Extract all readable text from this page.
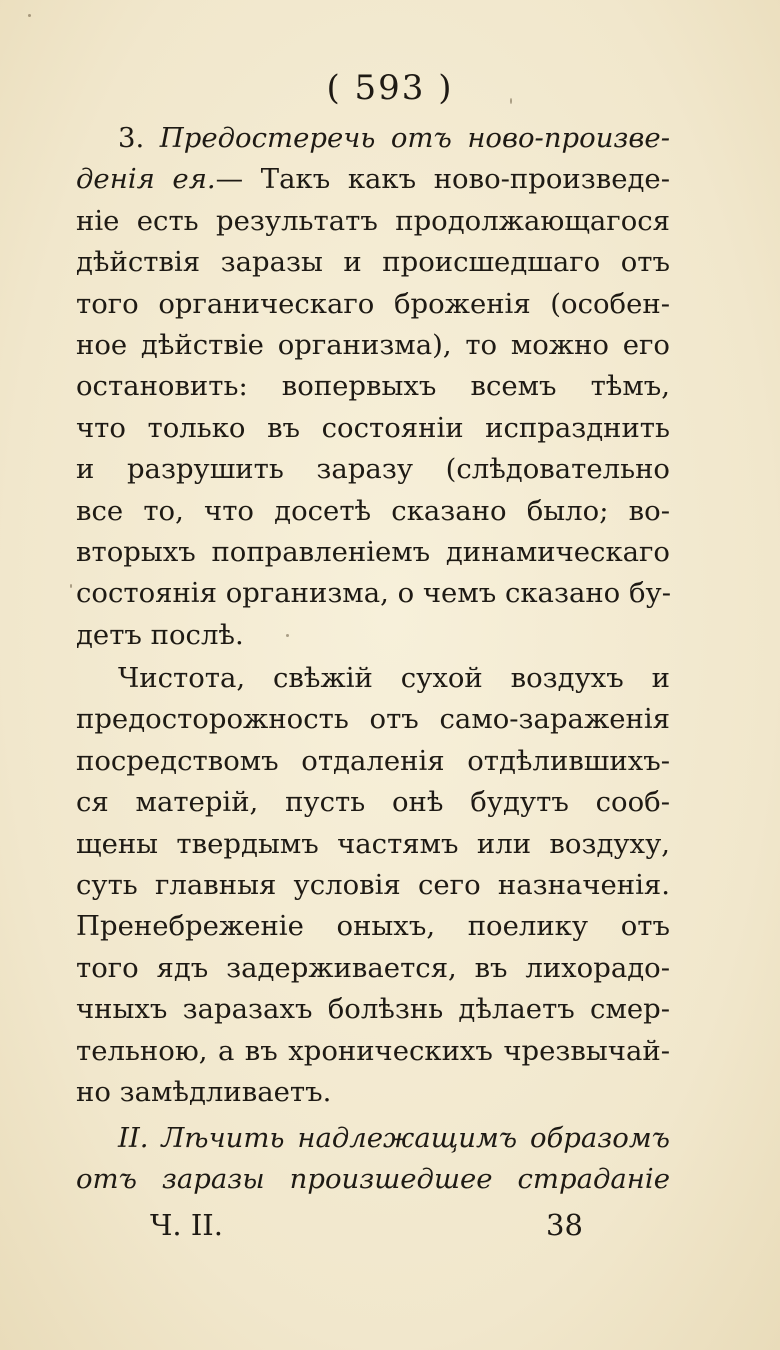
( 593 )
3. Предостеречь отъ ново-произве-
денія ея.— Такъ какъ ново-произведе-
ніе есть результатъ продолжающагося
дѣйствія заразы и происшедшаго отъ
того органическаго броженія (особен-
ное дѣйствіе организма), то можно его
остановить: вопервыхъ всемъ тѣмъ,
что только въ состояніи испразднить
и разрушить заразу (слѣдовательно
все то, что досетѣ сказано было; во-
вторыхъ поправленіемъ динамическаго
состоянія организма, о чемъ сказано бу-
детъ послѣ.
Чистота, свѣжій сухой воздухъ и
предосторожность отъ само-зараженія
посредствомъ отдаленія отдѣлившихъ-
ся матерій, пусть онѣ будутъ сооб-
щены твердымъ частямъ или воздуху,
суть главныя условія сего назначенія.
Пренебреженіе оныхъ, поелику отъ
того ядъ задерживается, въ лихорадо-
чныхъ заразахъ болѣзнь дѣлаетъ смер-
тельною, а въ хроническихъ чрезвычай-
но замѣдливаетъ.
II. Лѣчить надлежащимъ образомъ
отъ заразы произшедшее страданіе
Ч. II.	38
